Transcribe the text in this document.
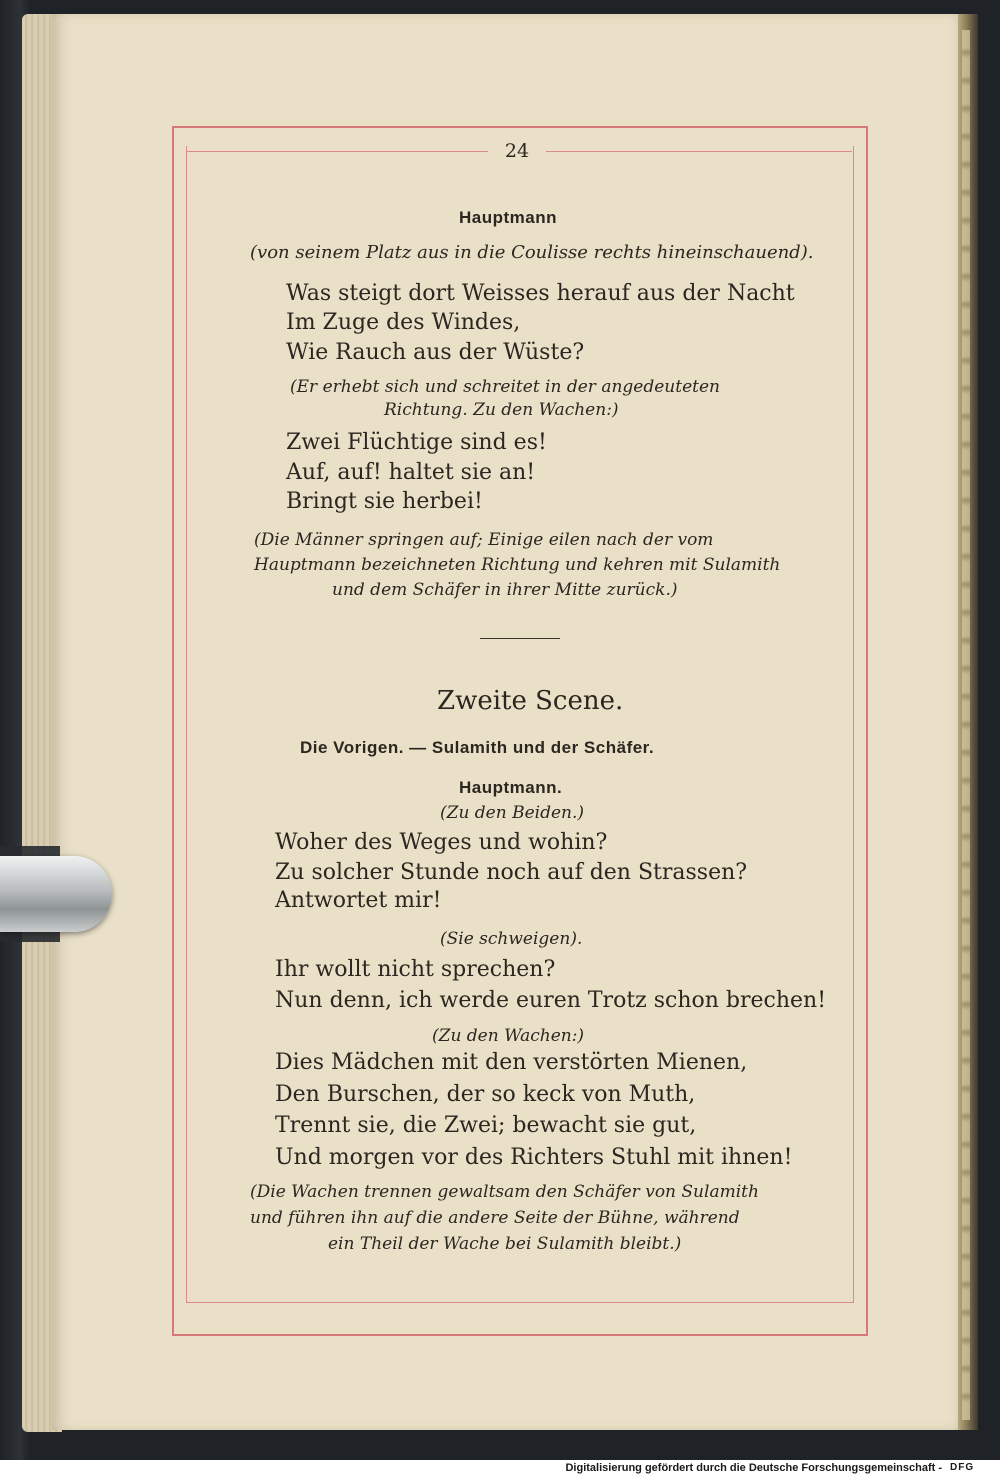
24

Hauptmann

(von seinem Platz aus in die Coulisse rechts hineinschauend).

Was steigt dort Weisses herauf aus der Nacht

Im Zuge des Windes,

Wie Rauch aus der Wüste?

(Er erhebt sich und schreitet in der angedeuteten

Richtung. Zu den Wachen:)

Zwei Flüchtige sind es!

Auf, auf! haltet sie an!

Bringt sie herbei!

(Die Männer springen auf; Einige eilen nach der vom

Hauptmann bezeichneten Richtung und kehren mit Sulamith

und dem Schäfer in ihrer Mitte zurück.)

Zweite Scene.

Die Vorigen. — Sulamith und der Schäfer.

Hauptmann.

(Zu den Beiden.)

Woher des Weges und wohin?

Zu solcher Stunde noch auf den Strassen?

Antwortet mir!

(Sie schweigen).

Ihr wollt nicht sprechen?

Nun denn, ich werde euren Trotz schon brechen!

(Zu den Wachen:)

Dies Mädchen mit den verstörten Mienen,

Den Burschen, der so keck von Muth,

Trennt sie, die Zwei; bewacht sie gut,

Und morgen vor des Richters Stuhl mit ihnen!

(Die Wachen trennen gewaltsam den Schäfer von Sulamith

und führen ihn auf die andere Seite der Bühne, während

ein Theil der Wache bei Sulamith bleibt.)

Digitalisierung gefördert durch die Deutsche Forschungsgemeinschaft - DFG
